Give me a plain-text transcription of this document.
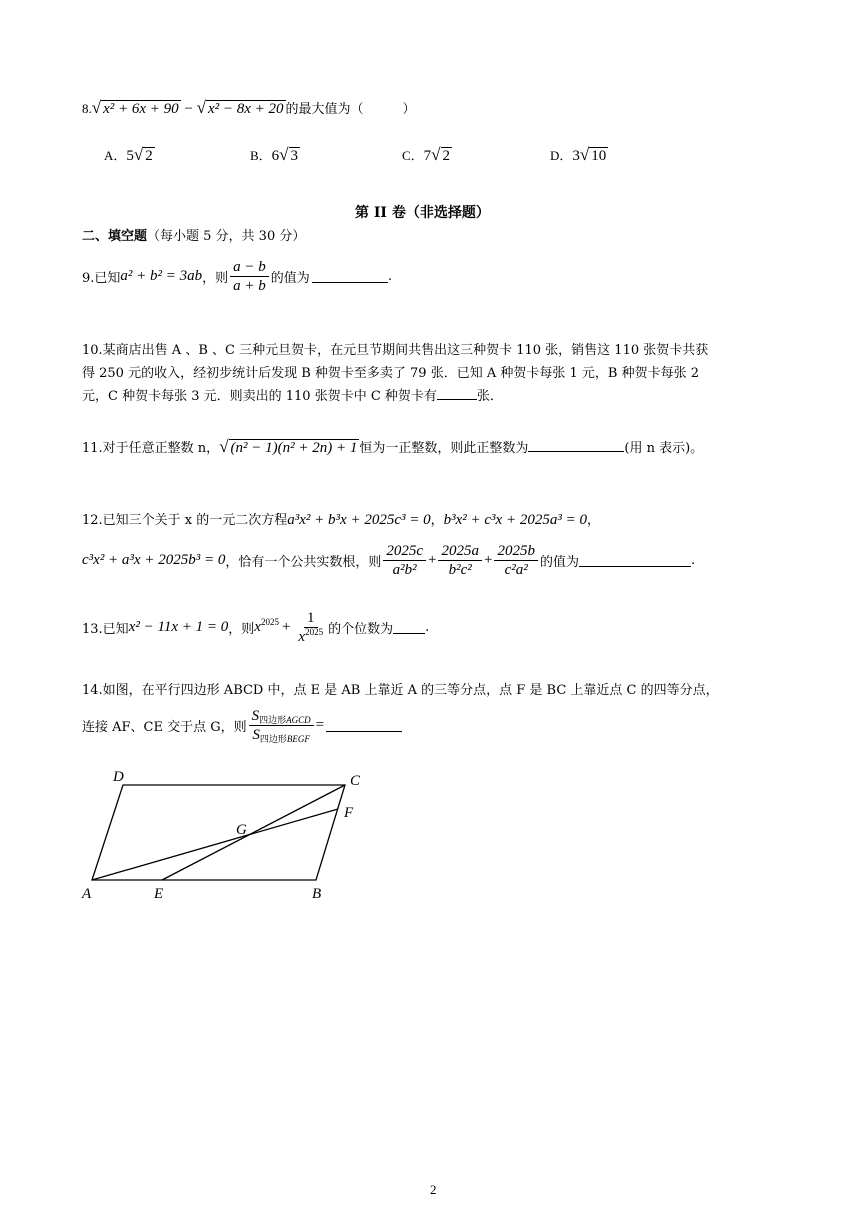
8.√ x² + 6x + 90 − √ x² − 8x + 20 的最大值为（　　　）
A．5√ 2	B．6√ 3	C．7√ 2	D．3√ 10
第 II 卷（非选择题）
二、填空题（每小题 5 分，共 30 分）
9.已知 a² + b² = 3ab ，则 $\frac{a - b}{a + b}$ 的值为	.
10.某商店出售 A 、B 、C 三种元旦贺卡，在元旦节期间共售出这三种贺卡 110 张，销售这 110 张贺卡共获
得 250 元的收入，经初步统计后发现 B 种贺卡至多卖了 79 张．已知 A 种贺卡每张 1 元，B 种贺卡每张 2
元，C 种贺卡每张 3 元．则卖出的 110 张贺卡中 C 种贺卡有	张．
11.对于任意正整数 n，√ (n² − 1)(n² + 2n) + 1 恒为一正整数，则此正整数为	(用 n 表示)。
12.已知三个关于 x 的一元二次方程a³x² + b³x + 2025c³ = 0，b³x² + c³x + 2025a³ = 0，
c³x² + a³x + 2025b³ = 0 ，恰有一个公共实数根，则 $\frac{2025c}{\text{a²b²}} + \frac{2025a}{\text{b²c²}} + \frac{2025b}{\text{c²a²}}$ 的值为	.
13.已知 x² − 11x + 1 = 0 ，则 $x^{2025} + \frac{1}{x^{2025}}$ 的个位数为 .
14.如图，在平行四边形 ABCD 中，点 E 是 AB 上靠近 A 的三等分点，点 F 是 BC 上靠近点 C 的四等分点，
连接 AF、CE 交于点 G，则 $\frac{S_{四边形AGCD}}{S_{四边形BEGF}}$ =
D	C
F
G
A	E	B
2
